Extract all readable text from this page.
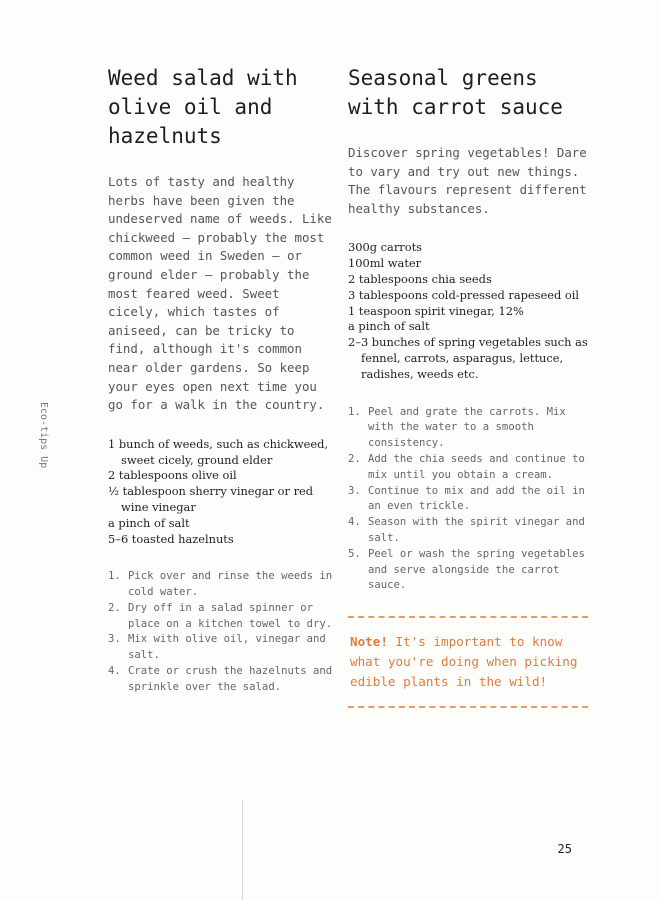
Eco-tips Up
Weed salad with olive oil and hazelnuts

Lots of tasty and healthy herbs have been given the undeserved name of weeds. Like chickweed – probably the most common weed in Sweden – or ground elder – probably the most feared weed. Sweet cicely, which tastes of aniseed, can be tricky to find, although it's common near older gardens. So keep your eyes open next time you go for a walk in the country.

1 bunch of weeds, such as chickweed, sweet cicely, ground elder
2 tablespoons olive oil
½ tablespoon sherry vinegar or red wine vinegar
a pinch of salt
5–6 toasted hazelnuts
1. Pick over and rinse the weeds in cold water.
2. Dry off in a salad spinner or place on a kitchen towel to dry.
3. Mix with olive oil, vinegar and salt.
4. Crate or crush the hazelnuts and sprinkle over the salad.
Seasonal greens with carrot sauce

Discover spring vegetables! Dare to vary and try out new things. The flavours represent different healthy substances.

300g carrots
100ml water
2 tablespoons chia seeds
3 tablespoons cold-pressed rapeseed oil
1 teaspoon spirit vinegar, 12%
a pinch of salt
2–3 bunches of spring vegetables such as fennel, carrots, asparagus, lettuce, radishes, weeds etc.
1. Peel and grate the carrots. Mix with the water to a smooth consistency.
2. Add the chia seeds and continue to mix until you obtain a cream.
3. Continue to mix and add the oil in an even trickle.
4. Season with the spirit vinegar and salt.
5. Peel or wash the spring vegetables and serve alongside the carrot sauce.
Note! It's important to know what you're doing when picking edible plants in the wild!
25
